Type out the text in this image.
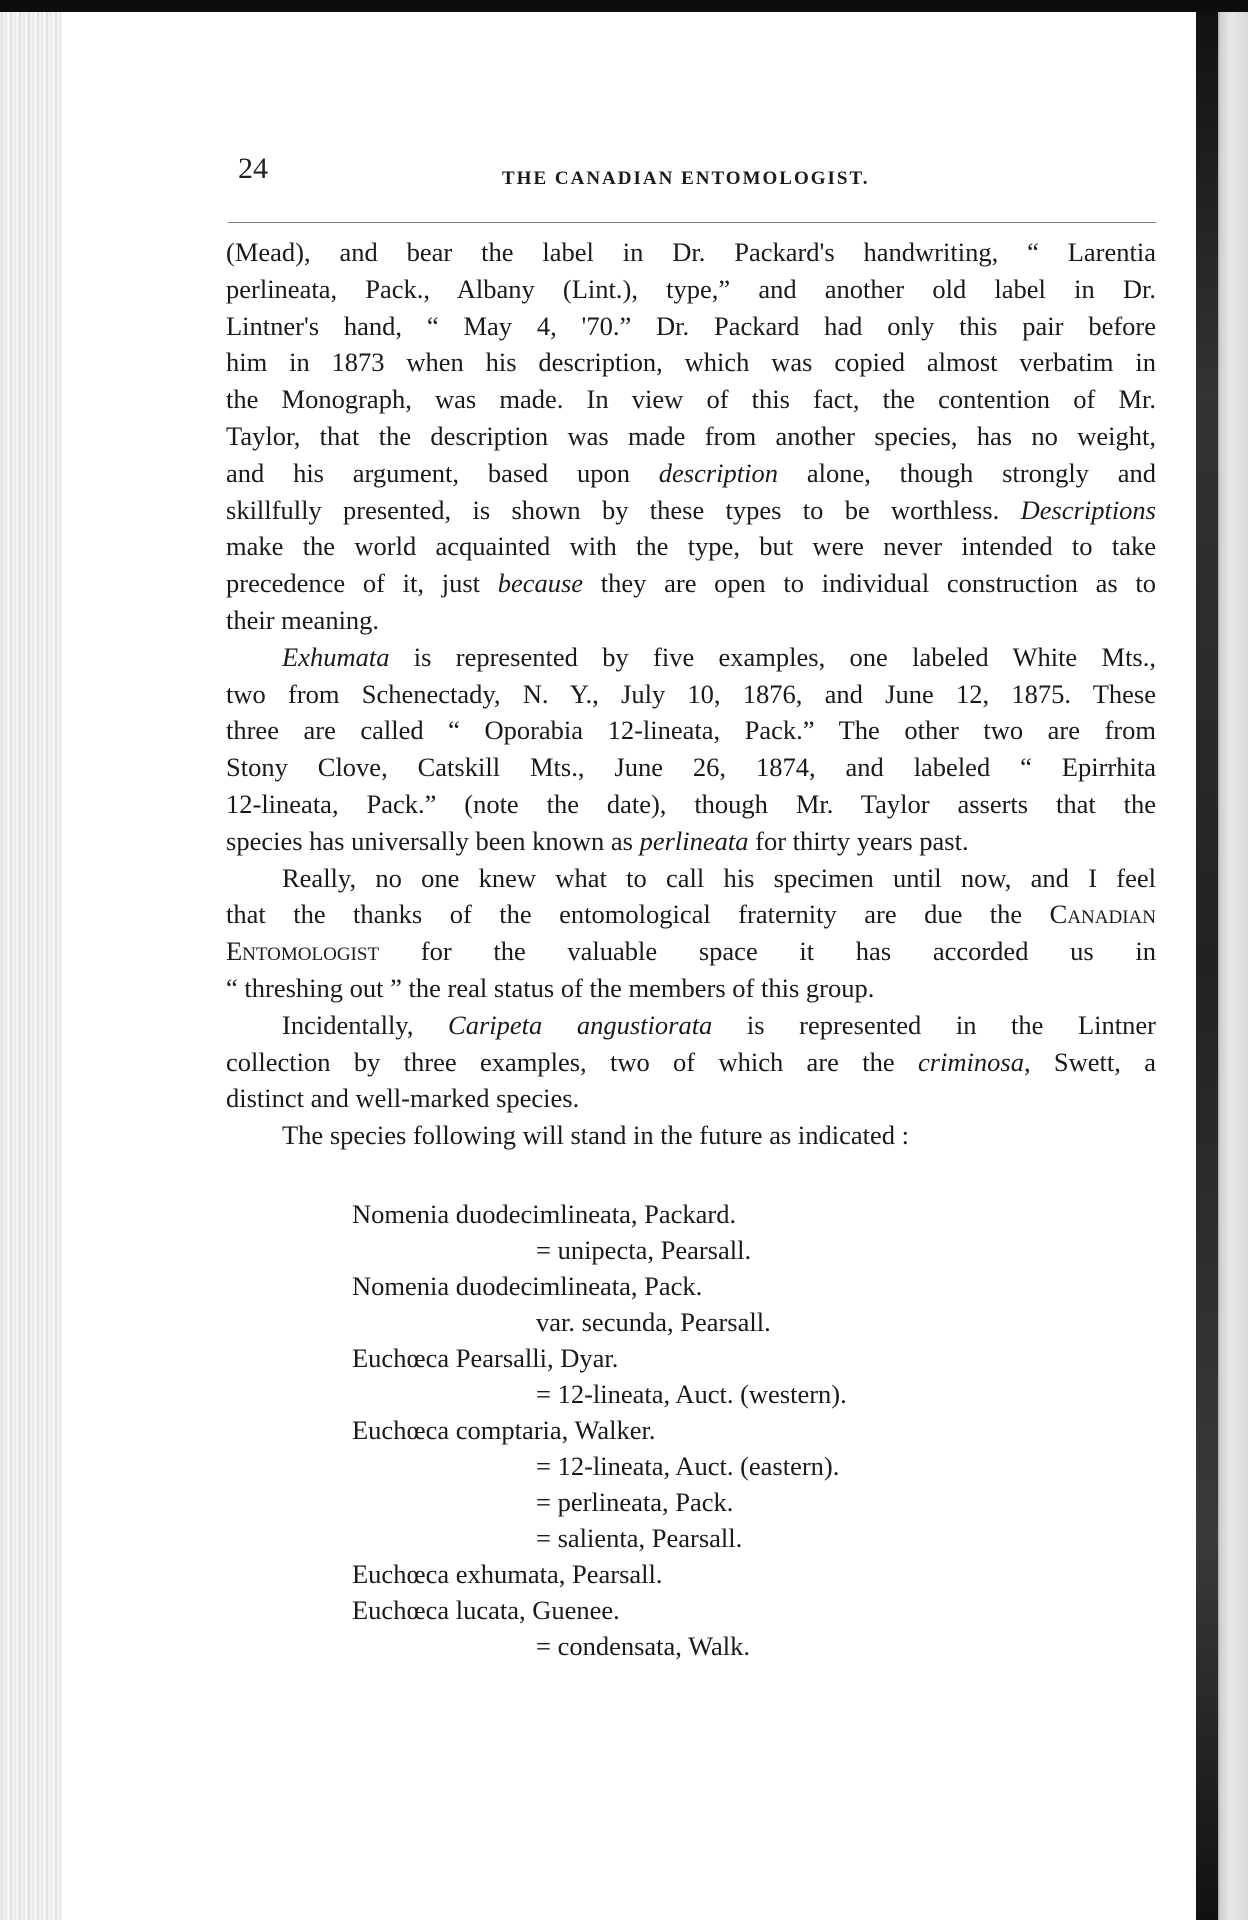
24	THE CANADIAN ENTOMOLOGIST.
(Mead), and bear the label in Dr. Packard's handwriting, “ Larentia
perlineata, Pack., Albany (Lint.), type,” and another old label in Dr.
Lintner's hand, “ May 4, '70.” Dr. Packard had only this pair before
him in 1873 when his description, which was copied almost verbatim in
the Monograph, was made. In view of this fact, the contention of Mr.
Taylor, that the description was made from another species, has no weight,
and his argument, based upon description alone, though strongly and
skillfully presented, is shown by these types to be worthless. Descriptions
make the world acquainted with the type, but were never intended to take
precedence of it, just because they are open to individual construction as to
their meaning.
Exhumata is represented by five examples, one labeled White Mts.,
two from Schenectady, N. Y., July 10, 1876, and June 12, 1875. These
three are called “ Oporabia 12-lineata, Pack.” The other two are from
Stony Clove, Catskill Mts., June 26, 1874, and labeled “ Epirrhita
12-lineata, Pack.” (note the date), though Mr. Taylor asserts that the
species has universally been known as perlineata for thirty years past.
Really, no one knew what to call his specimen until now, and I feel
that the thanks of the entomological fraternity are due the Canadian
Entomologist for the valuable space it has accorded us in
“ threshing out ” the real status of the members of this group.
Incidentally, Caripeta angustiorata is represented in the Lintner
collection by three examples, two of which are the criminosa, Swett, a
distinct and well-marked species.
The species following will stand in the future as indicated :
Nomenia duodecimlineata, Packard.
= unipecta, Pearsall.
Nomenia duodecimlineata, Pack.
var. secunda, Pearsall.
Euchœca Pearsalli, Dyar.
= 12-lineata, Auct. (western).
Euchœca comptaria, Walker.
= 12-lineata, Auct. (eastern).
= perlineata, Pack.
= salienta, Pearsall.
Euchœca exhumata, Pearsall.
Euchœca lucata, Guenee.
= condensata, Walk.
